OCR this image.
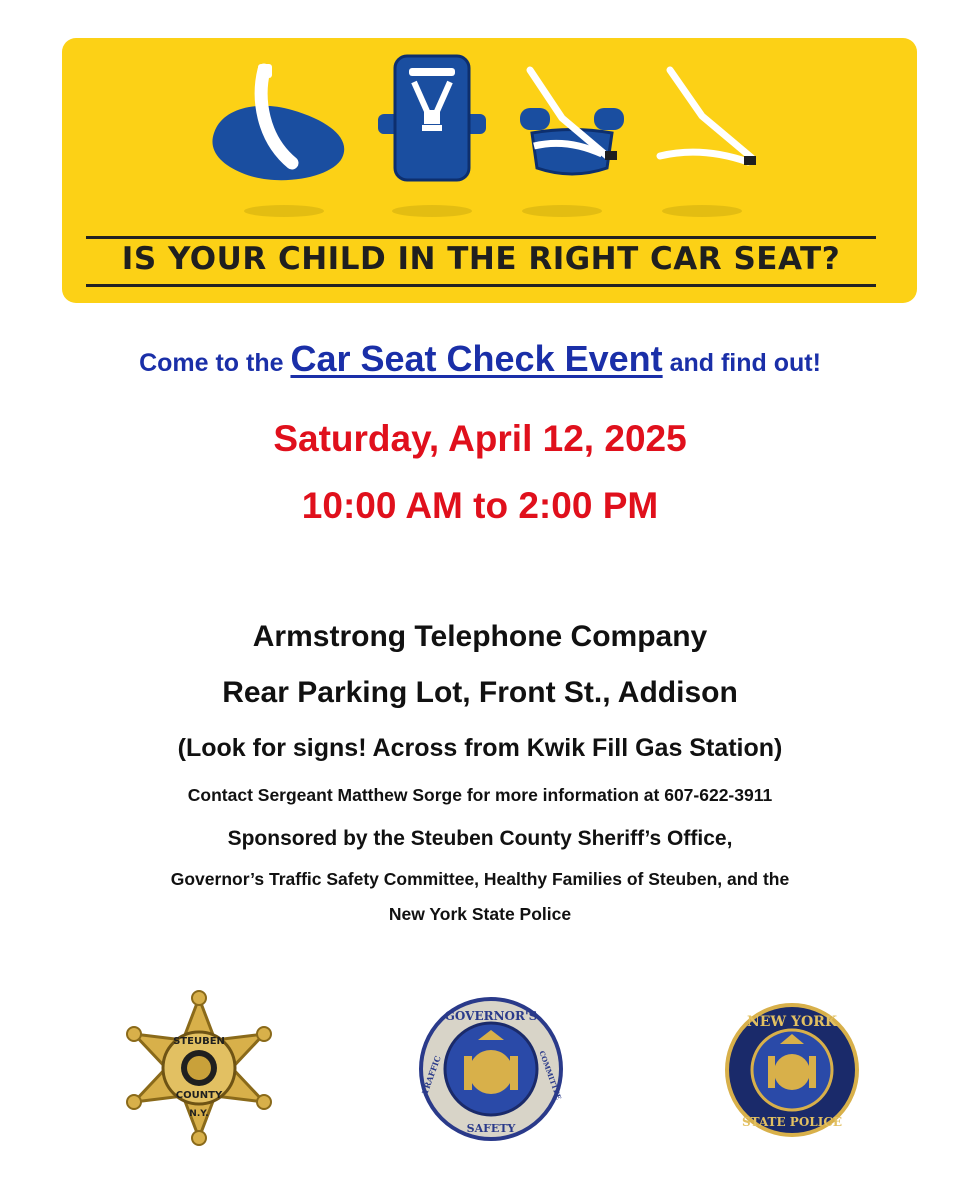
IS YOUR CHILD IN THE RIGHT CAR SEAT?
Come to the Car Seat Check Event and find out!
Saturday, April 12, 2025
10:00 AM to 2:00 PM
Armstrong Telephone Company
Rear Parking Lot, Front St., Addison
(Look for signs! Across from Kwik Fill Gas Station)
Contact Sergeant Matthew Sorge for more information at 607-622-3911
Sponsored by the Steuben County Sheriff’s Office,
Governor’s Traffic Safety Committee, Healthy Families of Steuben, and the
New York State Police
STEUBEN
COUNTY
N.Y.
GOVERNOR'S
TRAFFIC
SAFETY
COMMITTEE
NEW YORK
STATE POLICE
